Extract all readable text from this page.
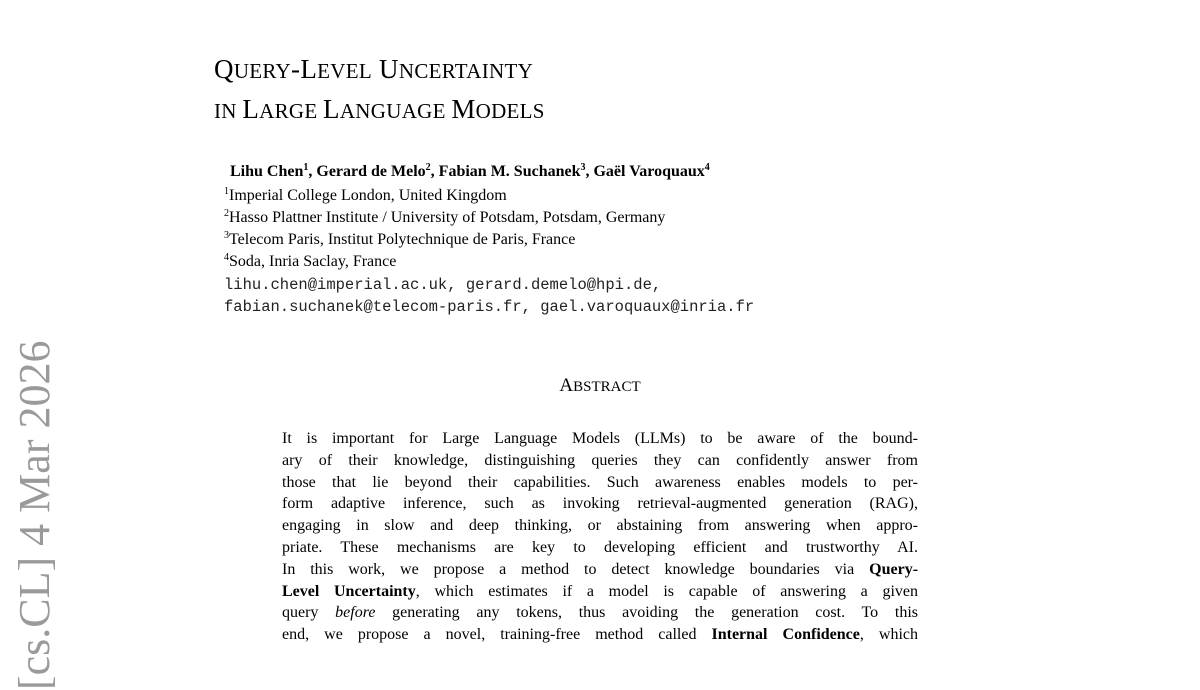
QUERY-LEVEL UNCERTAINTY
IN LARGE LANGUAGE MODELS
Lihu Chen$^1$, Gerard de Melo$^2$, Fabian M. Suchanek$^3$, Gaël Varoquaux$^4$
$^1$Imperial College London, United Kingdom
$^2$Hasso Plattner Institute / University of Potsdam, Potsdam, Germany
$^3$Telecom Paris, Institut Polytechnique de Paris, France
$^4$Soda, Inria Saclay, France
lihu.chen@imperial.ac.uk, gerard.demelo@hpi.de,
fabian.suchanek@telecom-paris.fr, gael.varoquaux@inria.fr
ABSTRACT
It is important for Large Language Models (LLMs) to be aware of the bound-
ary of their knowledge, distinguishing queries they can confidently answer from
those that lie beyond their capabilities. Such awareness enables models to per-
form adaptive inference, such as invoking retrieval-augmented generation (RAG),
engaging in slow and deep thinking, or abstaining from answering when appro-
priate. These mechanisms are key to developing efficient and trustworthy AI.
In this work, we propose a method to detect knowledge boundaries via Query-
Level Uncertainty, which estimates if a model is capable of answering a given
query before generating any tokens, thus avoiding the generation cost. To this
end, we propose a novel, training-free method called Internal Confidence, which
[cs.CL] 4 Mar 2026
